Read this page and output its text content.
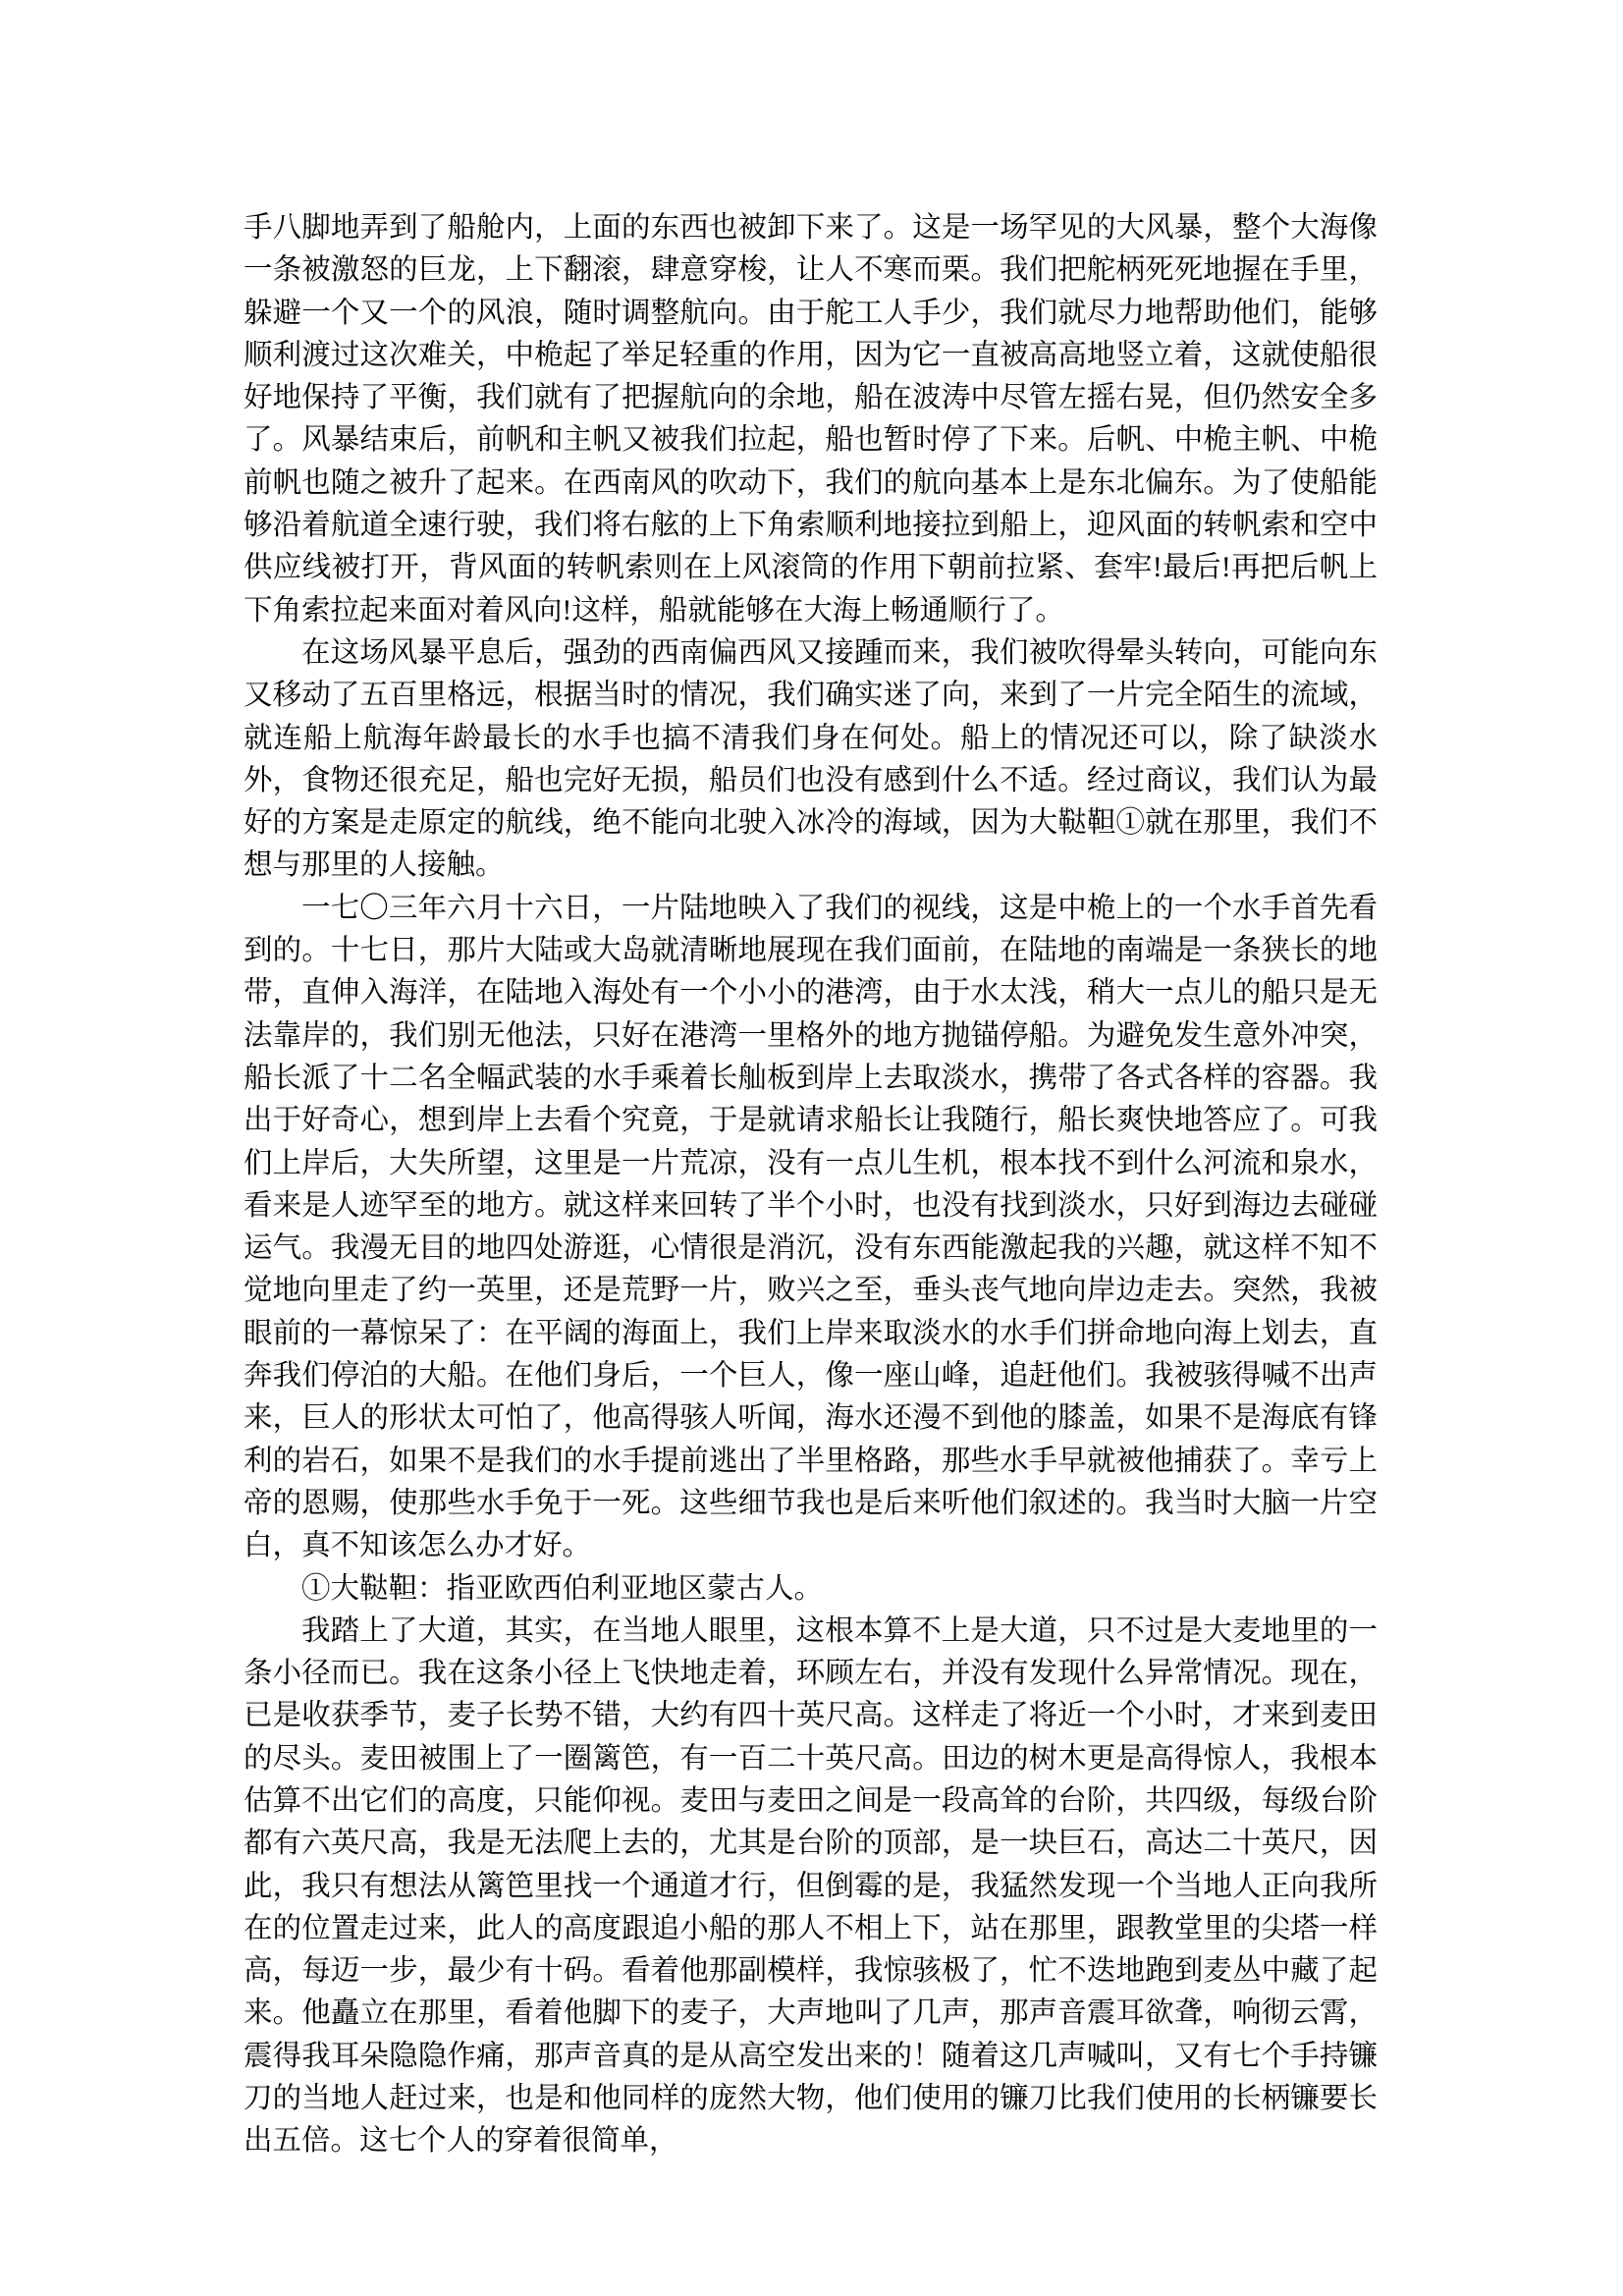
手八脚地弄到了船舱内，上面的东西也被卸下来了。这是一场罕见的大风暴，整个大海像一条被激怒的巨龙，上下翻滚，肆意穿梭，让人不寒而栗。我们把舵柄死死地握在手里，躲避一个又一个的风浪，随时调整航向。由于舵工人手少，我们就尽力地帮助他们，能够顺利渡过这次难关，中桅起了举足轻重的作用，因为它一直被高高地竖立着，这就使船很好地保持了平衡，我们就有了把握航向的余地，船在波涛中尽管左摇右晃，但仍然安全多了。风暴结束后，前帆和主帆又被我们拉起，船也暂时停了下来。后帆、中桅主帆、中桅前帆也随之被升了起来。在西南风的吹动下，我们的航向基本上是东北偏东。为了使船能够沿着航道全速行驶，我们将右舷的上下角索顺利地接拉到船上，迎风面的转帆索和空中供应线被打开，背风面的转帆索则在上风滚筒的作用下朝前拉紧、套牢!最后!再把后帆上下角索拉起来面对着风向!这样，船就能够在大海上畅通顺行了。

在这场风暴平息后，强劲的西南偏西风又接踵而来，我们被吹得晕头转向，可能向东又移动了五百里格远，根据当时的情况，我们确实迷了向，来到了一片完全陌生的流域，就连船上航海年龄最长的水手也搞不清我们身在何处。船上的情况还可以，除了缺淡水外，食物还很充足，船也完好无损，船员们也没有感到什么不适。经过商议，我们认为最好的方案是走原定的航线，绝不能向北驶入冰冷的海域，因为大鞑靼①就在那里，我们不想与那里的人接触。

一七〇三年六月十六日，一片陆地映入了我们的视线，这是中桅上的一个水手首先看到的。十七日，那片大陆或大岛就清晰地展现在我们面前，在陆地的南端是一条狭长的地带，直伸入海洋，在陆地入海处有一个小小的港湾，由于水太浅，稍大一点儿的船只是无法靠岸的，我们别无他法，只好在港湾一里格外的地方抛锚停船。为避免发生意外冲突，船长派了十二名全幅武装的水手乘着长舢板到岸上去取淡水，携带了各式各样的容器。我出于好奇心，想到岸上去看个究竟，于是就请求船长让我随行，船长爽快地答应了。可我们上岸后，大失所望，这里是一片荒凉，没有一点儿生机，根本找不到什么河流和泉水，看来是人迹罕至的地方。就这样来回转了半个小时，也没有找到淡水，只好到海边去碰碰运气。我漫无目的地四处游逛，心情很是消沉，没有东西能激起我的兴趣，就这样不知不觉地向里走了约一英里，还是荒野一片，败兴之至，垂头丧气地向岸边走去。突然，我被眼前的一幕惊呆了：在平阔的海面上，我们上岸来取淡水的水手们拼命地向海上划去，直奔我们停泊的大船。在他们身后，一个巨人，像一座山峰，追赶他们。我被骇得喊不出声来，巨人的形状太可怕了，他高得骇人听闻，海水还漫不到他的膝盖，如果不是海底有锋利的岩石，如果不是我们的水手提前逃出了半里格路，那些水手早就被他捕获了。幸亏上帝的恩赐，使那些水手免于一死。这些细节我也是后来听他们叙述的。我当时大脑一片空白，真不知该怎么办才好。

①大鞑靼：指亚欧西伯利亚地区蒙古人。

我踏上了大道，其实，在当地人眼里，这根本算不上是大道，只不过是大麦地里的一条小径而已。我在这条小径上飞快地走着，环顾左右，并没有发现什么异常情况。现在，已是收获季节，麦子长势不错，大约有四十英尺高。这样走了将近一个小时，才来到麦田的尽头。麦田被围上了一圈篱笆，有一百二十英尺高。田边的树木更是高得惊人，我根本估算不出它们的高度，只能仰视。麦田与麦田之间是一段高耸的台阶，共四级，每级台阶都有六英尺高，我是无法爬上去的，尤其是台阶的顶部，是一块巨石，高达二十英尺，因此，我只有想法从篱笆里找一个通道才行，但倒霉的是，我猛然发现一个当地人正向我所在的位置走过来，此人的高度跟追小船的那人不相上下，站在那里，跟教堂里的尖塔一样高，每迈一步，最少有十码。看着他那副模样，我惊骇极了，忙不迭地跑到麦丛中藏了起来。他矗立在那里，看着他脚下的麦子，大声地叫了几声，那声音震耳欲聋，响彻云霄，震得我耳朵隐隐作痛，那声音真的是从高空发出来的！随着这几声喊叫，又有七个手持镰刀的当地人赶过来，也是和他同样的庞然大物，他们使用的镰刀比我们使用的长柄镰要长出五倍。这七个人的穿着很简单，
